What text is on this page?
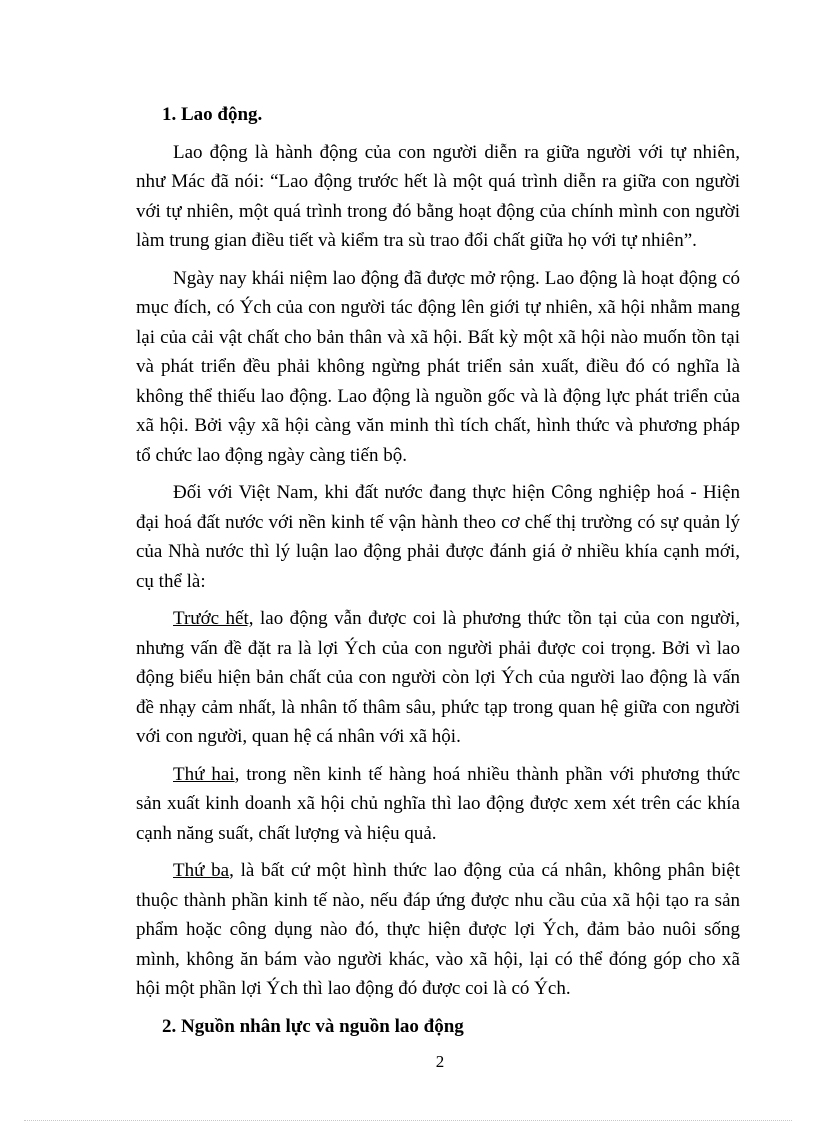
1. Lao động.

Lao động là hành động của con người diễn ra giữa người với tự nhiên, như Mác đã nói: “Lao động trước hết là một quá trình diễn ra giữa con người với tự nhiên, một quá trình trong đó bằng hoạt động của chính mình con người làm trung gian điều tiết và kiểm tra sù trao đổi chất giữa họ với tự nhiên”.

Ngày nay khái niệm lao động đã được mở rộng. Lao động là hoạt động có mục đích, có Ých của con người tác động lên giới tự nhiên, xã hội nhằm mang lại của cải vật chất cho bản thân và xã hội. Bất kỳ một xã hội nào muốn tồn tại và phát triển đều phải không ngừng phát triển sản xuất, điều đó có nghĩa là không thể thiếu lao động. Lao động là nguồn gốc và là động lực phát triển của xã hội. Bởi vậy xã hội càng văn minh thì tích chất, hình thức và phương pháp tổ chức lao động ngày càng tiến bộ.

Đối với Việt Nam, khi đất nước đang thực hiện Công nghiệp hoá - Hiện đại hoá đất nước với nền kinh tế vận hành theo cơ chế thị trường có sự quản lý của Nhà nước thì lý luận lao động phải được đánh giá ở nhiều khía cạnh mới, cụ thể là:

Trước hết, lao động vẫn được coi là phương thức tồn tại của con người, nhưng vấn đề đặt ra là lợi Ých của con người phải được coi trọng. Bởi vì lao động biểu hiện bản chất của con người còn lợi Ých của người lao động là vấn đề nhạy cảm nhất, là nhân tố thâm sâu, phức tạp trong quan hệ giữa con người với con người, quan hệ cá nhân với xã hội.

Thứ hai, trong nền kinh tế hàng hoá nhiều thành phần với phương thức sản xuất kinh doanh xã hội chủ nghĩa thì lao động được xem xét trên các khía cạnh năng suất, chất lượng và hiệu quả.

Thứ ba, là bất cứ một hình thức lao động của cá nhân, không phân biệt thuộc thành phần kinh tế nào, nếu đáp ứng được nhu cầu của xã hội tạo ra sản phẩm hoặc công dụng nào đó, thực hiện được lợi Ých, đảm bảo nuôi sống mình, không ăn bám vào người khác, vào xã hội, lại có thể đóng góp cho xã hội một phần lợi Ých thì lao động đó được coi là có Ých.

2. Nguồn nhân lực và nguồn lao động
2
